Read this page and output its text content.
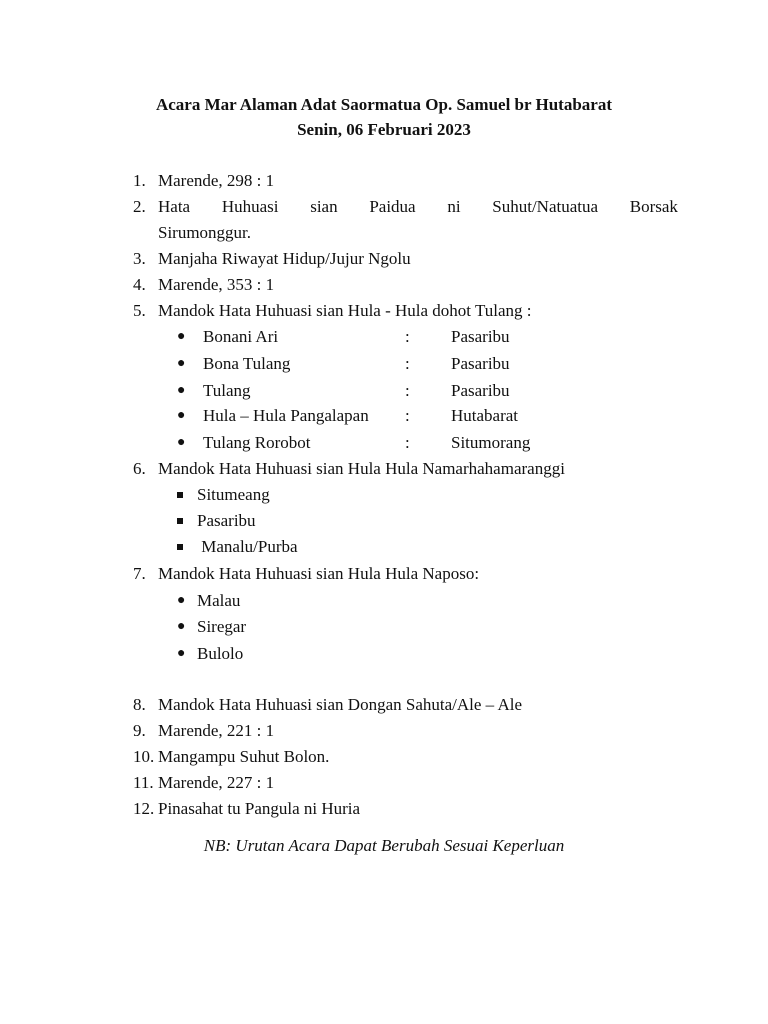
Acara Mar Alaman Adat Saormatua Op. Samuel br Hutabarat
Senin, 06 Februari 2023
1. Marende, 298 : 1
2. Hata Huhuasi sian Paidua ni Suhut/Natuatua Borsak
Sirumonggur.
3. Manjaha Riwayat Hidup/Jujur Ngolu
4. Marende, 353 : 1
5. Mandok Hata Huhuasi sian Hula - Hula dohot Tulang :
● Bonani Ari	: Pasaribu
● Bona Tulang	: Pasaribu
● Tulang	: Pasaribu
● Hula – Hula Pangalapan : Hutabarat
● Tulang Rorobot	: Situmorang
6. Mandok Hata Huhuasi sian Hula Hula Namarhahamaranggi
Situmeang
Pasaribu
Manalu/Purba
7. Mandok Hata Huhuasi sian Hula Hula Naposo:
● Malau
● Siregar
● Bulolo
8. Mandok Hata Huhuasi sian Dongan Sahuta/Ale – Ale
9. Marende, 221 : 1
10. Mangampu Suhut Bolon.
11. Marende, 227 : 1
12. Pinasahat tu Pangula ni Huria
NB: Urutan Acara Dapat Berubah Sesuai Keperluan
